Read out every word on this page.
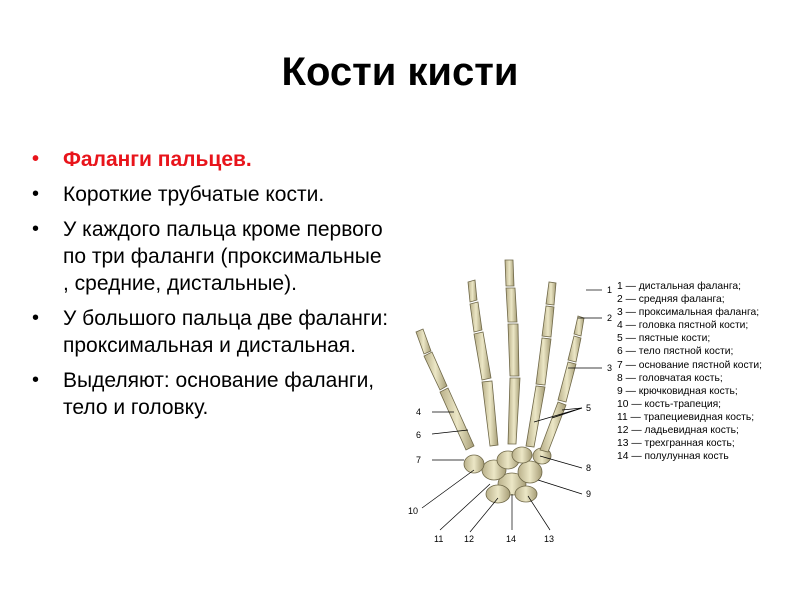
Кости кисти
• Фаланги пальцев.
• Короткие трубчатые кости.
• У каждого пальца кроме первого по три фаланги (проксимальные , средние, дистальные).
• У большого пальца две фаланги: проксимальная и дистальная.
• Выделяют: основание фаланги, тело и головку.
1
2
3
4	5
6
7
8
9
10
11 12	13
14
1 — дистальная фаланга;
2 — средняя фаланга;
3 — проксимальная фаланга;
4 — головка пястной кости;
5 — пястные кости;
6 — тело пястной кости;
7 — основание пястной кости;
8 — головчатая кость;
9 — крючковидная кость;
10 — кость-трапеция;
11 — трапециевидная кость;
12 — ладьевидная кость;
13 — трехгранная кость;
14 — полулунная кость
